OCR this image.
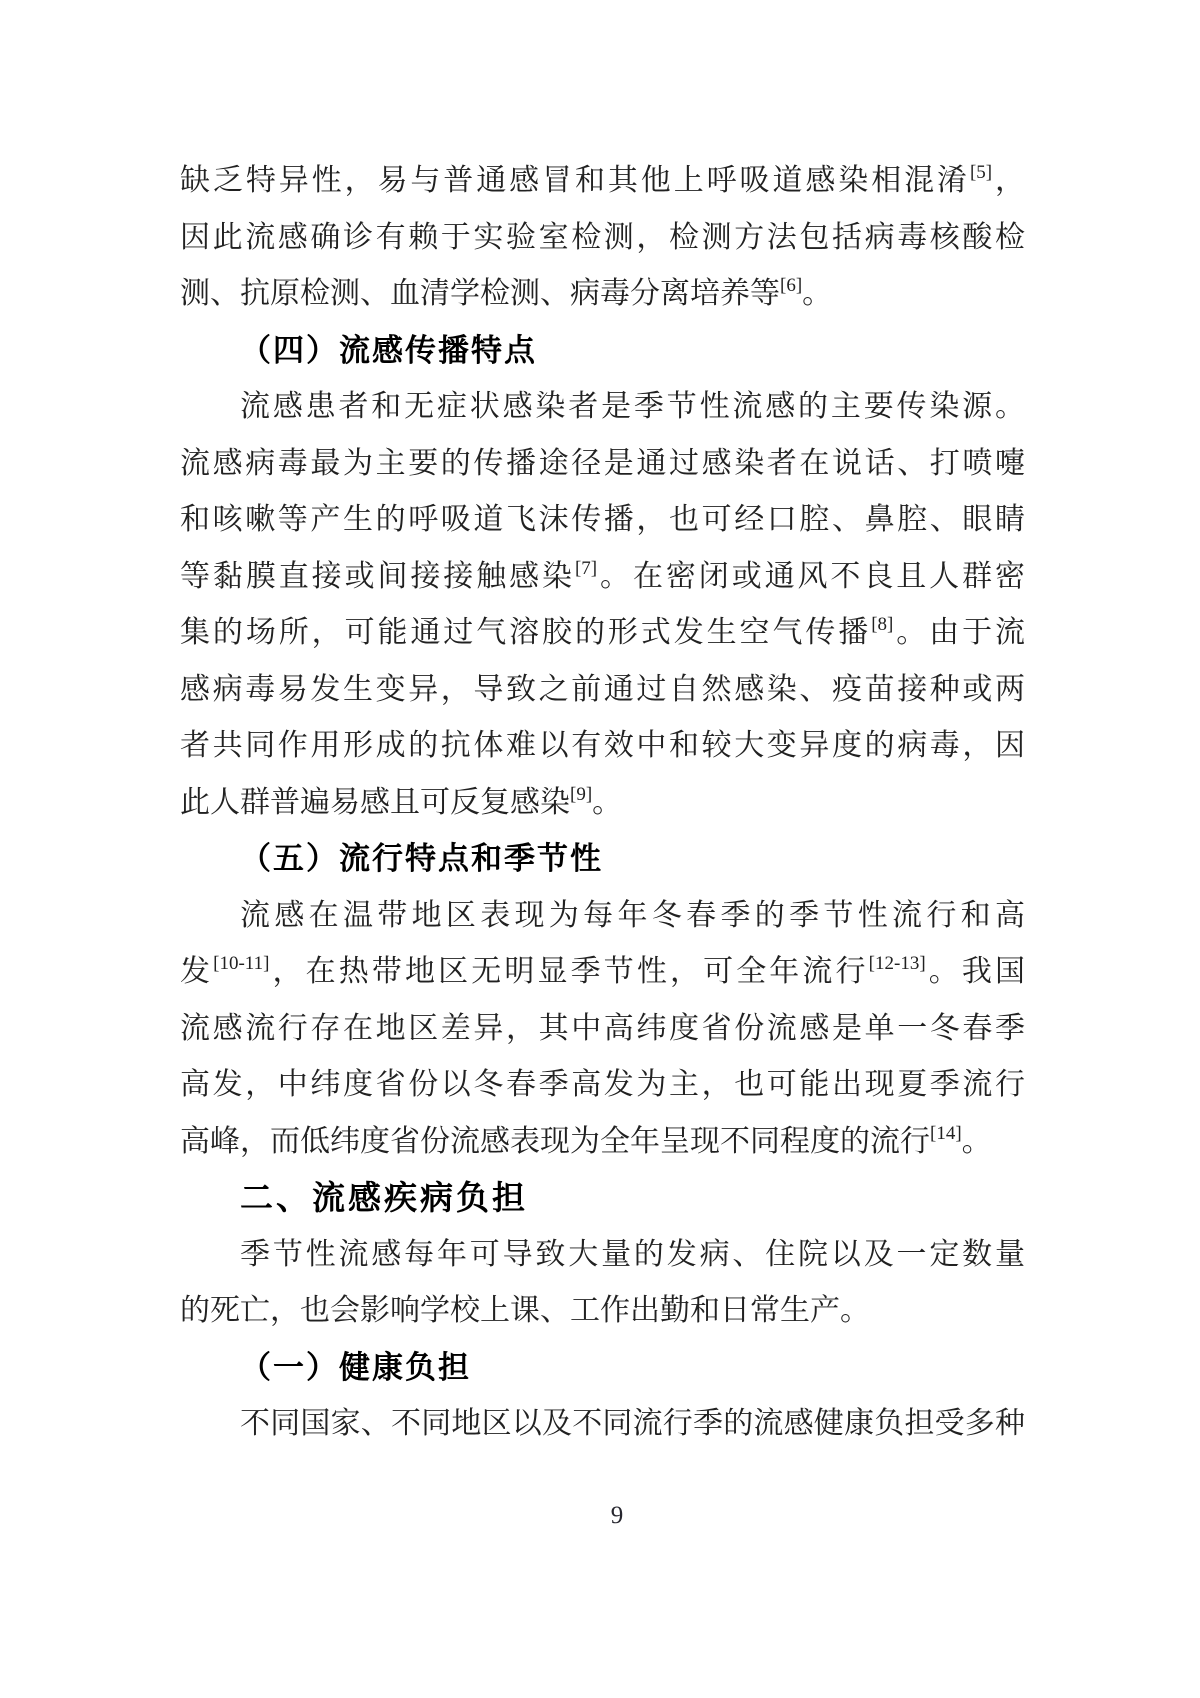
缺乏特异性，易与普通感冒和其他上呼吸道感染相混淆[5]，
因此流感确诊有赖于实验室检测，检测方法包括病毒核酸检
测、抗原检测、血清学检测、病毒分离培养等[6]。
（四）流感传播特点
流感患者和无症状感染者是季节性流感的主要传染源。
流感病毒最为主要的传播途径是通过感染者在说话、打喷嚏
和咳嗽等产生的呼吸道飞沫传播，也可经口腔、鼻腔、眼睛
等黏膜直接或间接接触感染[7]。在密闭或通风不良且人群密
集的场所，可能通过气溶胶的形式发生空气传播[8]。由于流
感病毒易发生变异，导致之前通过自然感染、疫苗接种或两
者共同作用形成的抗体难以有效中和较大变异度的病毒，因
此人群普遍易感且可反复感染[9]。
（五）流行特点和季节性
流感在温带地区表现为每年冬春季的季节性流行和高
发[10-11]，在热带地区无明显季节性，可全年流行[12-13]。我国
流感流行存在地区差异，其中高纬度省份流感是单一冬春季
高发，中纬度省份以冬春季高发为主，也可能出现夏季流行
高峰，而低纬度省份流感表现为全年呈现不同程度的流行[14]。
二、流感疾病负担
季节性流感每年可导致大量的发病、住院以及一定数量
的死亡，也会影响学校上课、工作出勤和日常生产。
（一）健康负担
不同国家、不同地区以及不同流行季的流感健康负担受多种
9
